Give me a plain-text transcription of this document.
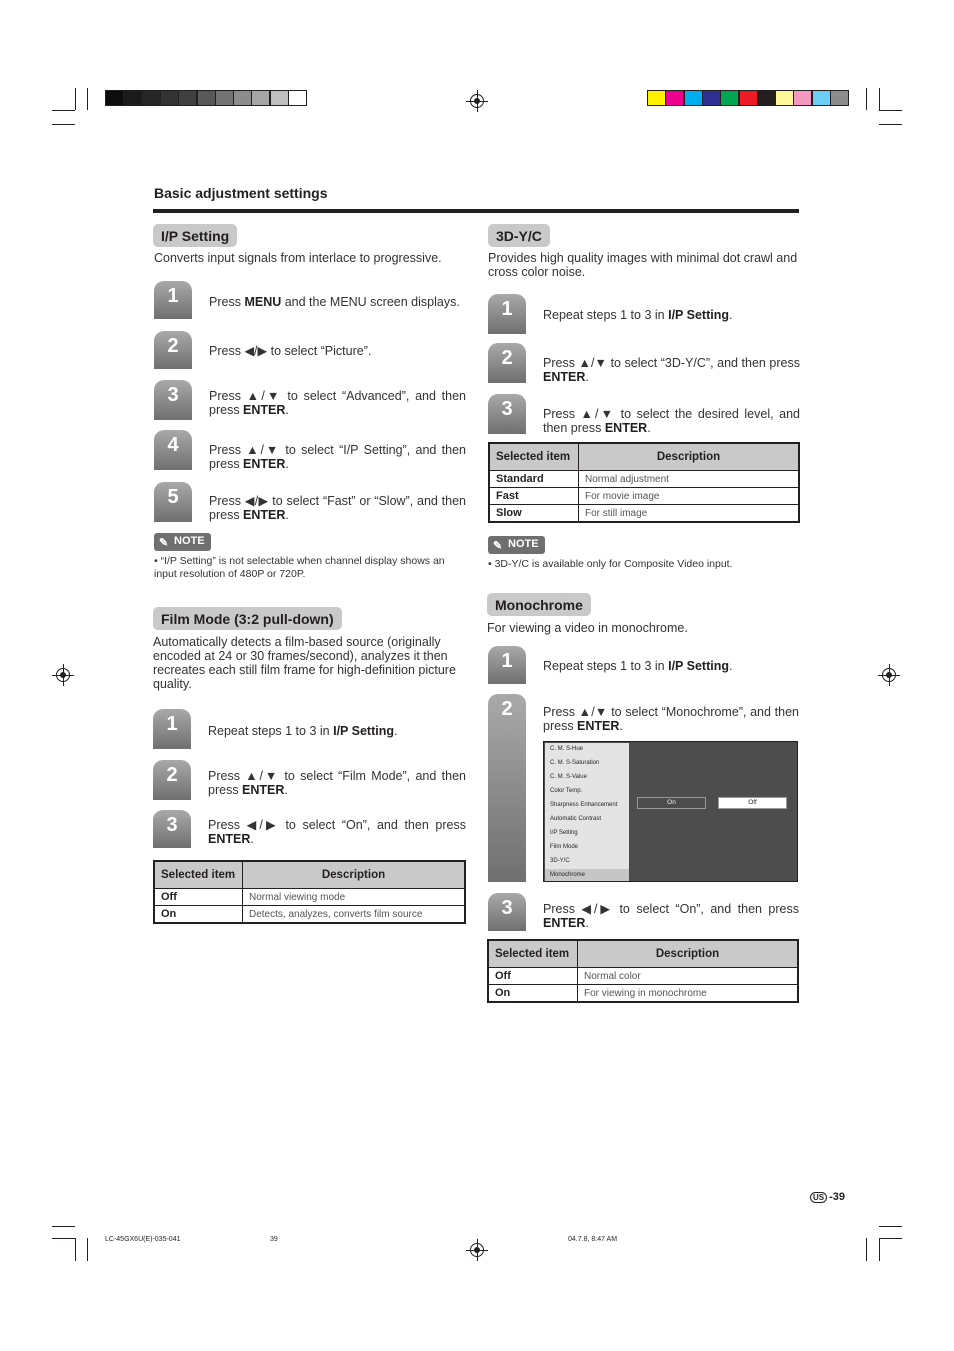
Basic adjustment settings
I/P Setting
Converts input signals from interlace to progressive.
1	Press MENU and the MENU screen displays.
2	Press ◀/▶ to select “Picture”.
3	Press ▲/▼ to select “Advanced”, and then press ENTER.
4	Press ▲/▼ to select “I/P Setting”, and then press ENTER.
5	Press ◀/▶ to select “Fast” or “Slow”, and then press ENTER.
✎ NOTE
• “I/P Setting” is not selectable when channel display shows an input resolution of 480P or 720P.
Film Mode (3:2 pull-down)
Automatically detects a film-based source (originally encoded at 24 or 30 frames/second), analyzes it then recreates each still film frame for high-definition picture quality.
1	Repeat steps 1 to 3 in I/P Setting.
2	Press ▲/▼ to select “Film Mode”, and then press ENTER.
3	Press ◀/▶ to select “On”, and then press ENTER.
Selected item	Description
Off	Normal viewing mode
On	Detects, analyzes, converts film source
3D-Y/C
Provides high quality images with minimal dot crawl and cross color noise.
1	Repeat steps 1 to 3 in I/P Setting.
2	Press ▲/▼ to select “3D-Y/C”, and then press ENTER.
3	Press ▲/▼ to select the desired level, and then press ENTER.
Selected item	Description
Standard	Normal adjustment
Fast	For movie image
Slow	For still image
✎ NOTE
• 3D-Y/C is available only for Composite Video input.
Monochrome
For viewing a video in monochrome.
1	Repeat steps 1 to 3 in I/P Setting.
2	Press ▲/▼ to select “Monochrome”, and then press ENTER.
3	Press ◀/▶ to select “On”, and then press ENTER.
C. M. S-Hue
C. M. S-Saturation
C. M. S-Value
Color Temp.
Sharpness Enhancement
Automatic Contrast
I/P Setting
Film Mode
3D-Y/C
Monochrome
On	Off
Selected item	Description
Off	Normal color
On	For viewing in monochrome
US -39
LC-45GX6U(E)-035-041	39	04.7.8, 8:47 AM
